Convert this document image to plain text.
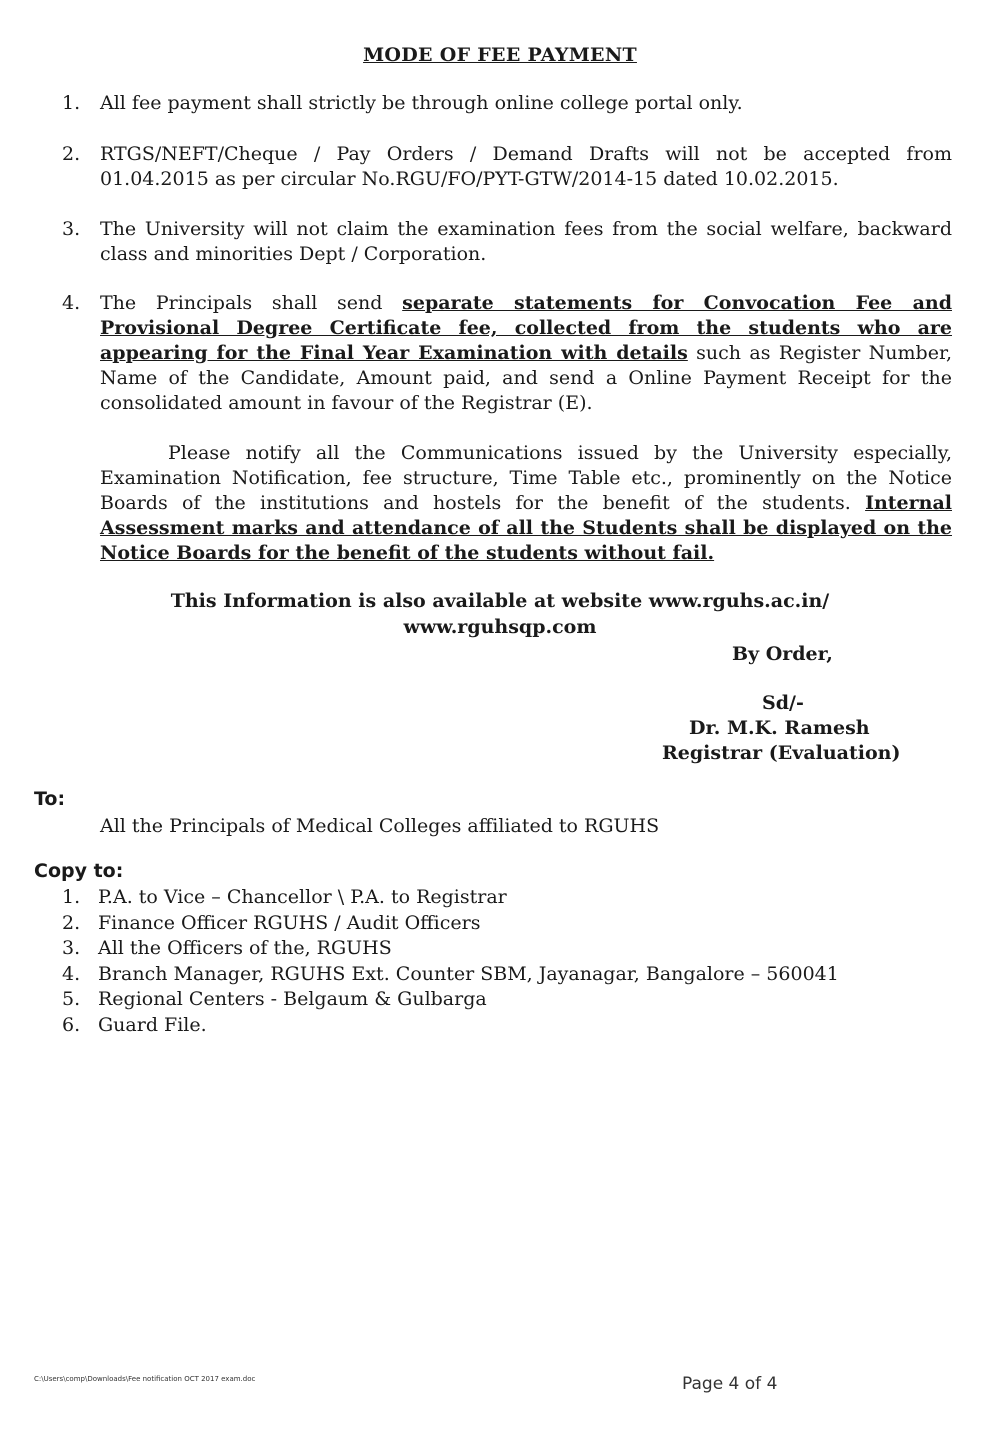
MODE OF FEE PAYMENT
1.	All fee payment shall strictly be through online college portal only.
2.	RTGS/NEFT/Cheque / Pay Orders / Demand Drafts will not be accepted from 01.04.2015 as per circular No.RGU/FO/PYT-GTW/2014-15 dated 10.02.2015.
3.	The University will not claim the examination fees from the social welfare, backward class and minorities Dept / Corporation.
4.	The Principals shall send separate statements for Convocation Fee and Provisional Degree Certificate fee, collected from the students who are appearing for the Final Year Examination with details such as Register Number, Name of the Candidate, Amount paid, and send a Online Payment Receipt for the consolidated amount in favour of the Registrar (E).
Please notify all the Communications issued by the University especially, Examination Notification, fee structure, Time Table etc., prominently on the Notice Boards of the institutions and hostels for the benefit of the students. Internal Assessment marks and attendance of all the Students shall be displayed on the Notice Boards for the benefit of the students without fail.
This Information is also available at website www.rguhs.ac.in/
www.rguhsqp.com
By Order,
Sd/-
Dr. M.K. Ramesh
Registrar (Evaluation)
To:
All the Principals of Medical Colleges affiliated to RGUHS
Copy to:
1. P.A. to Vice – Chancellor \ P.A. to Registrar
2. Finance Officer RGUHS / Audit Officers
3. All the Officers of the, RGUHS
4. Branch Manager, RGUHS Ext. Counter SBM, Jayanagar, Bangalore – 560041
5. Regional Centers - Belgaum & Gulbarga
6. Guard File.
C:\Users\comp\Downloads\Fee notification OCT 2017 exam.doc	Page 4 of 4
